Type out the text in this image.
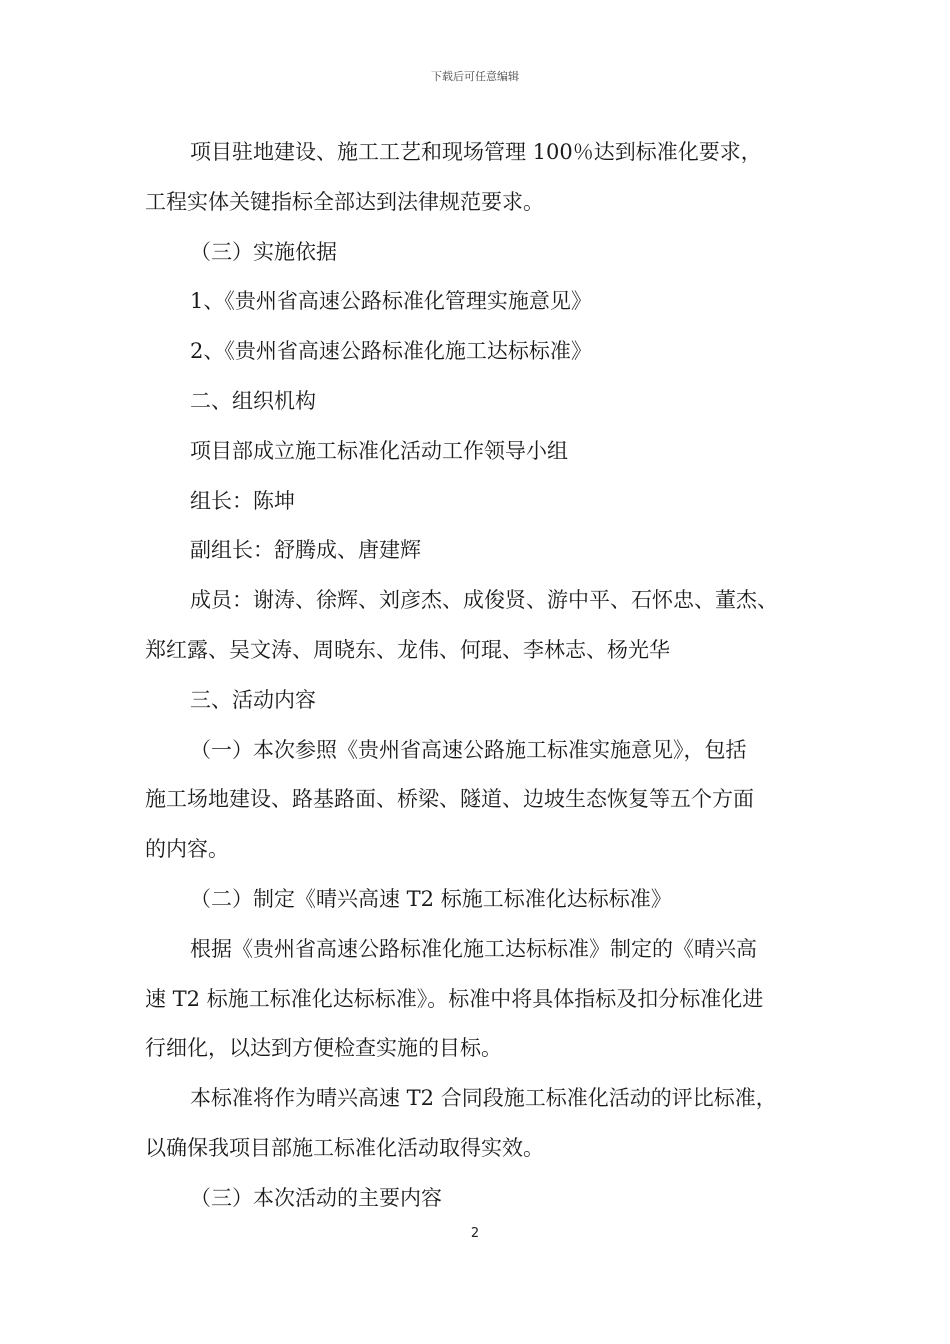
下载后可任意编辑

项目驻地建设、施工工艺和现场管理 100％达到标准化要求，

工程实体关键指标全部达到法律规范要求。

（三）实施依据

1、《贵州省高速公路标准化管理实施意见》

2、《贵州省高速公路标准化施工达标标准》

二、组织机构

项目部成立施工标准化活动工作领导小组

组长：陈坤

副组长：舒腾成、唐建辉

成员：谢涛、徐辉、刘彦杰、成俊贤、游中平、石怀忠、董杰、

郑红露、吴文涛、周晓东、龙伟、何琨、李林志、杨光华

三、活动内容

（一）本次参照《贵州省高速公路施工标准实施意见》，包括

施工场地建设、路基路面、桥梁、隧道、边坡生态恢复等五个方面

的内容。

（二）制定《晴兴高速 T2 标施工标准化达标标准》

根据《贵州省高速公路标准化施工达标标准》制定的《晴兴高

速 T2 标施工标准化达标标准》。标准中将具体指标及扣分标准化进

行细化，以达到方便检查实施的目标。

本标准将作为晴兴高速 T2 合同段施工标准化活动的评比标准，

以确保我项目部施工标准化活动取得实效。

（三）本次活动的主要内容

2
